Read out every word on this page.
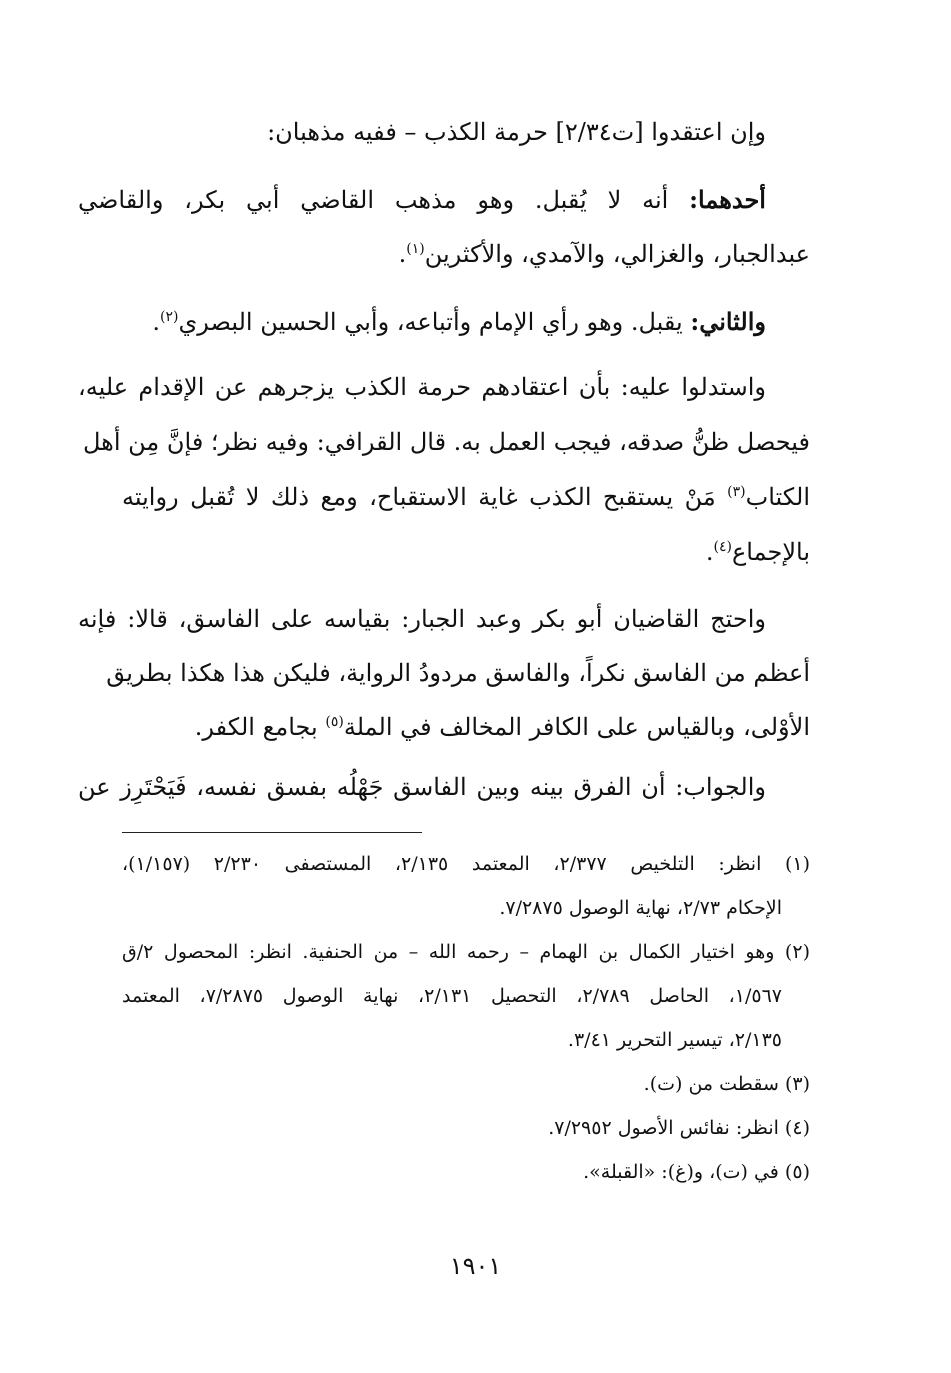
وإن اعتقدوا [ت٢/٣٤] حرمة الكذب – ففيه مذهبان:
أحدهما: أنه لا يُقبل. وهو مذهب القاضي أبي بكر، والقاضي
عبدالجبار، والغزالي، والآمدي، والأكثرين$^{(١)}$.
والثاني: يقبل. وهو رأي الإمام وأتباعه، وأبي الحسين البصري$^{(٢)}$.
واستدلوا عليه: بأن اعتقادهم حرمة الكذب يزجرهم عن الإقدام عليه،
فيحصل ظنُّ صدقه، فيجب العمل به. قال القرافي: وفيه نظر؛ فإنَّ مِن أهل
الكتاب$^{(٣)}$ مَنْ يستقبح الكذب غاية الاستقباح، ومع ذلك لا تُقبل روايته
بالإجماع$^{(٤)}$.
واحتج القاضيان أبو بكر وعبد الجبار: بقياسه على الفاسق، قالا: فإنه
أعظم من الفاسق نكراً، والفاسق مردودُ الرواية، فليكن هذا هكذا بطريق
الأوْلى، وبالقياس على الكافر المخالف في الملة$^{(٥)}$ بجامع الكفر.
والجواب: أن الفرق بينه وبين الفاسق جَهْلُه بفسق نفسه، فَيَحْتَرِز عن
(١) انظر: التلخيص ٢/٣٧٧، المعتمد ٢/١٣٥، المستصفى ٢/٢٣٠ (١/١٥٧)،
الإحكام ٢/٧٣، نهاية الوصول ٧/٢٨٧٥.
(٢) وهو اختيار الكمال بن الهمام – رحمه الله – من الحنفية. انظر: المحصول ٢/ق
١/٥٦٧، الحاصل ٢/٧٨٩، التحصيل ٢/١٣١، نهاية الوصول ٧/٢٨٧٥، المعتمد
٢/١٣٥، تيسير التحرير ٣/٤١.
(٣) سقطت من (ت).
(٤) انظر: نفائس الأصول ٧/٢٩٥٢.
(٥) في (ت)، و(غ): «القبلة».
١٩٠١
